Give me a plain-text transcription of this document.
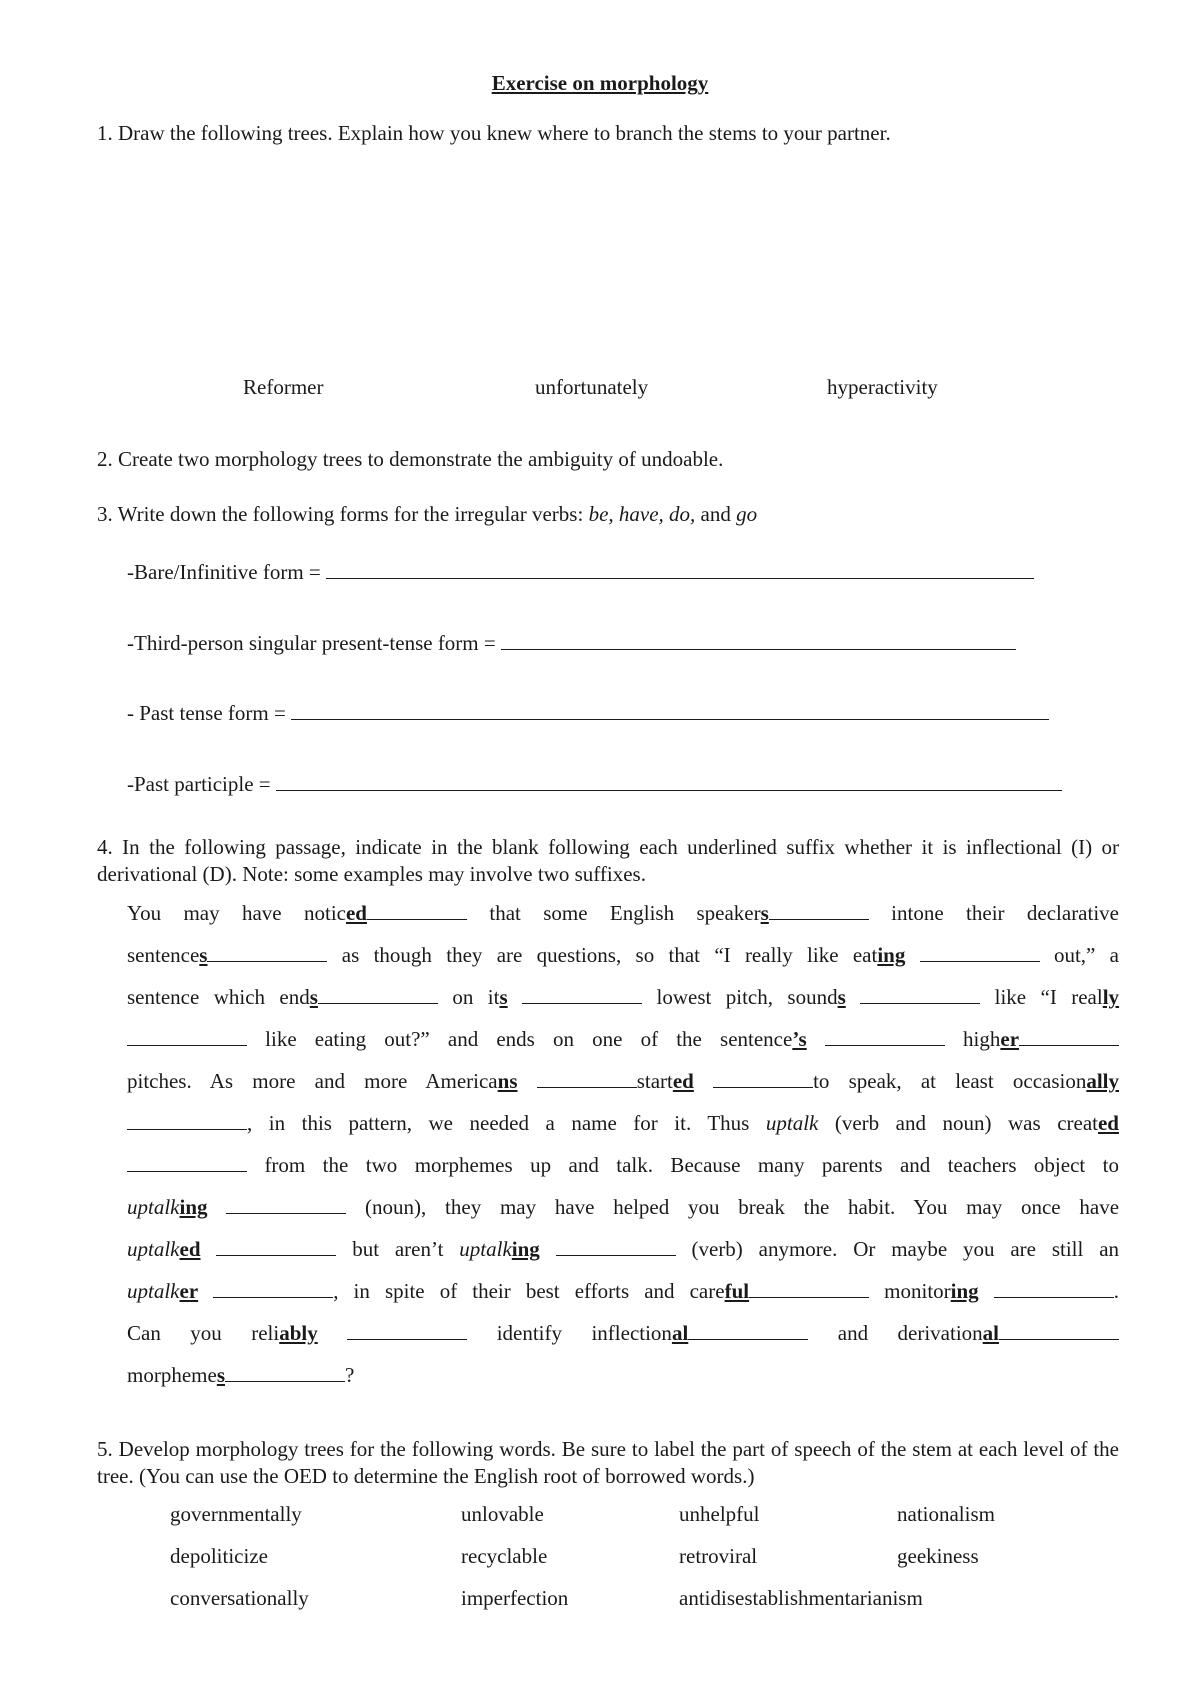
Exercise on morphology
1. Draw the following trees. Explain how you knew where to branch the stems to your partner.
Reformer	unfortunately	hyperactivity
2. Create two morphology trees to demonstrate the ambiguity of undoable.
3. Write down the following forms for the irregular verbs: be, have, do, and go
-Bare/Infinitive form =
-Third-person singular present-tense form =
- Past tense form =
-Past participle =
4. In the following passage, indicate in the blank following each underlined suffix whether it is inflectional (I) or derivational (D). Note: some examples may involve two suffixes.
You may have noticed	that some English speakers	intone their declarative
sentences	as though they are questions, so that “I really like eating	out,” a
sentence which ends	on its	lowest pitch, sounds	like “I really
like eating out?” and ends on one of the sentence’s	higher
pitches. As more and more Americans	started	to speak, at least occasionally
, in this pattern, we needed a name for it. Thus uptalk (verb and noun) was created
from the two morphemes up and talk. Because many parents and teachers object to
uptalking	(noun), they may have helped you break the habit. You may once have
uptalked	but aren’t uptalking	(verb) anymore. Or maybe you are still an
uptalker	, in spite of their best efforts and careful	monitoring	.
Can you reliably	identify inflectional	and derivational
morphemes	?
5. Develop morphology trees for the following words. Be sure to label the part of speech of the stem at each level of the tree. (You can use the OED to determine the English root of borrowed words.)
governmentally	unlovable	unhelpful	nationalism
depoliticize	recyclable	retroviral	geekiness
conversationally	imperfection	antidisestablishmentarianism
